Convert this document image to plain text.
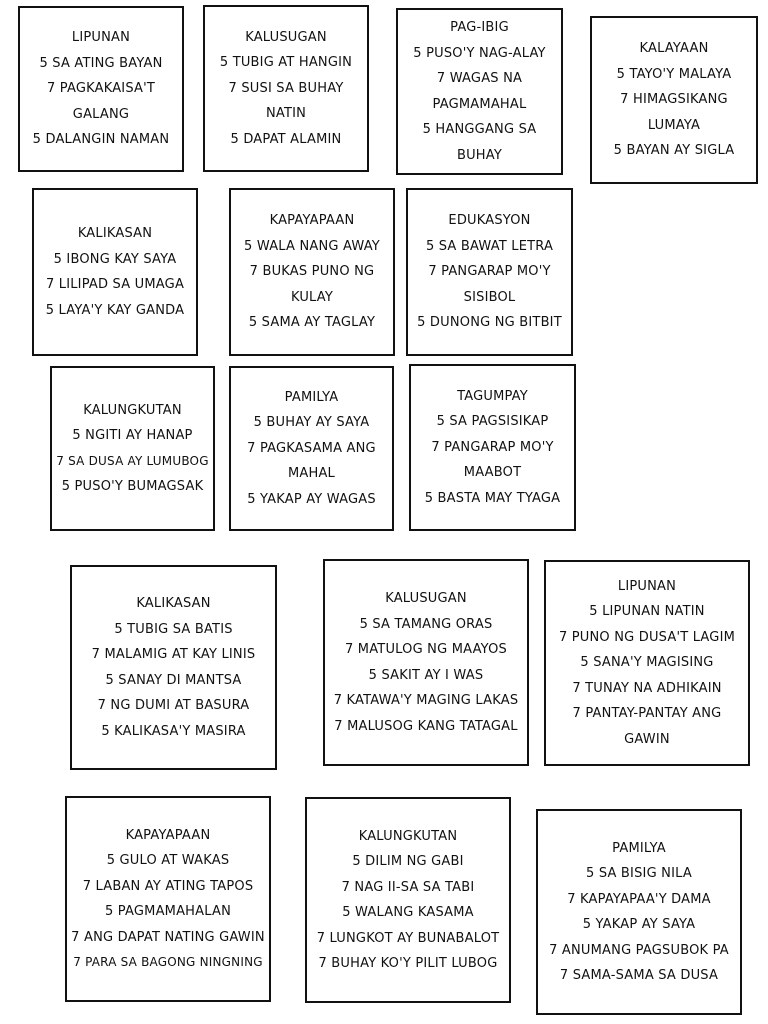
LIPUNAN
5 SA ATING BAYAN
7 PAGKAKAISA'T
GALANG
5 DALANGIN NAMAN
KALUSUGAN
5 TUBIG AT HANGIN
7 SUSI SA BUHAY
NATIN
5 DAPAT ALAMIN
PAG-IBIG
5 PUSO'Y NAG-ALAY
7 WAGAS NA
PAGMAMAHAL
5 HANGGANG SA
BUHAY
KALAYAAN
5 TAYO'Y MALAYA
7 HIMAGSIKANG
LUMAYA
5 BAYAN AY SIGLA
KALIKASAN
5 IBONG KAY SAYA
7 LILIPAD SA UMAGA
5 LAYA'Y KAY GANDA
KAPAYAPAAN
5 WALA NANG AWAY
7 BUKAS PUNO NG
KULAY
5 SAMA AY TAGLAY
EDUKASYON
5 SA BAWAT LETRA
7 PANGARAP MO'Y
SISIBOL
5 DUNONG NG BITBIT
KALUNGKUTAN
5 NGITI AY HANAP
7 SA DUSA AY LUMUBOG
5 PUSO'Y BUMAGSAK
PAMILYA
5 BUHAY AY SAYA
7 PAGKASAMA ANG
MAHAL
5 YAKAP AY WAGAS
TAGUMPAY
5 SA PAGSISIKAP
7 PANGARAP MO'Y
MAABOT
5 BASTA MAY TYAGA
KALIKASAN
5 TUBIG SA BATIS
7 MALAMIG AT KAY LINIS
5 SANAY DI MANTSA
7 NG DUMI AT BASURA
5 KALIKASA'Y MASIRA
KALUSUGAN
5 SA TAMANG ORAS
7 MATULOG NG MAAYOS
5 SAKIT AY I WAS
7 KATAWA'Y MAGING LAKAS
7 MALUSOG KANG TATAGAL
LIPUNAN
5 LIPUNAN NATIN
7 PUNO NG DUSA'T LAGIM
5 SANA'Y MAGISING
7 TUNAY NA ADHIKAIN
7 PANTAY-PANTAY ANG
GAWIN
KAPAYAPAAN
5 GULO AT WAKAS
7 LABAN AY ATING TAPOS
5 PAGMAMAHALAN
7 ANG DAPAT NATING GAWIN
7 PARA SA BAGONG NINGNING
KALUNGKUTAN
5 DILIM NG GABI
7 NAG II-SA SA TABI
5 WALANG KASAMA
7 LUNGKOT AY BUNABALOT
7 BUHAY KO'Y PILIT LUBOG
PAMILYA
5 SA BISIG NILA
7 KAPAYAPAA'Y DAMA
5 YAKAP AY SAYA
7 ANUMANG PAGSUBOK PA
7 SAMA-SAMA SA DUSA
